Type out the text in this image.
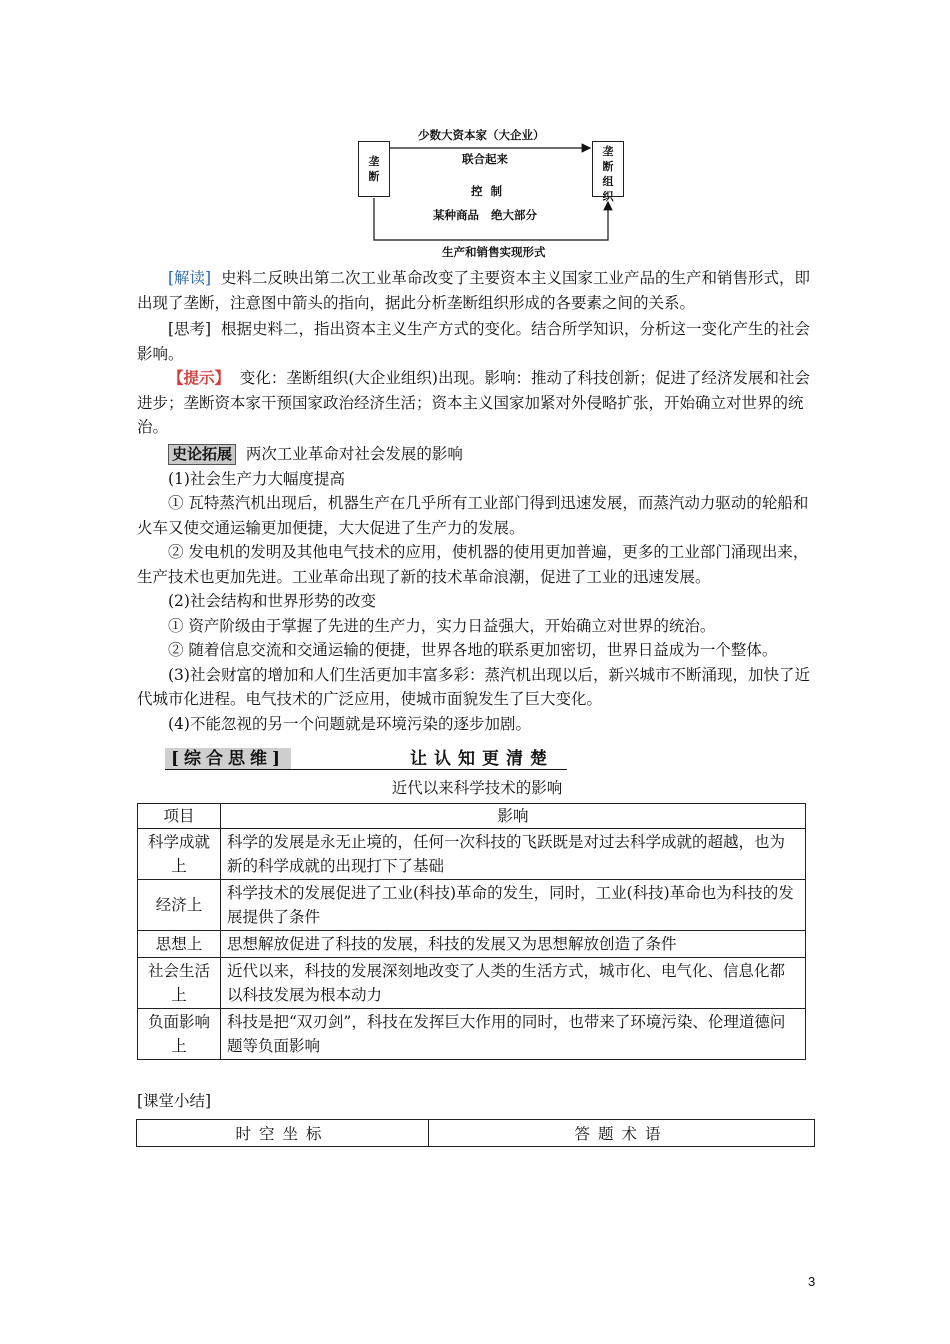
垄断
垄断组织
少数大资本家（大企业）
联合起来
控  制
某种商品 绝大部分
生产和销售实现形式

[解读] 史料二反映出第二次工业革命改变了主要资本主义国家工业产品的生产和销售形式，即出现了垄断，注意图中箭头的指向，据此分析垄断组织形成的各要素之间的关系。

[思考] 根据史料二，指出资本主义生产方式的变化。结合所学知识，分析这一变化产生的社会影响。

【提示】 变化：垄断组织(大企业组织)出现。影响：推动了科技创新；促进了经济发展和社会进步；垄断资本家干预国家政治经济生活；资本主义国家加紧对外侵略扩张，开始确立对世界的统治。

史论拓展 两次工业革命对社会发展的影响

(1)社会生产力大幅度提高

① 瓦特蒸汽机出现后，机器生产在几乎所有工业部门得到迅速发展，而蒸汽动力驱动的轮船和火车又使交通运输更加便捷，大大促进了生产力的发展。

② 发电机的发明及其他电气技术的应用，使机器的使用更加普遍，更多的工业部门涌现出来，生产技术也更加先进。工业革命出现了新的技术革命浪潮，促进了工业的迅速发展。

(2)社会结构和世界形势的改变

① 资产阶级由于掌握了先进的生产力，实力日益强大，开始确立对世界的统治。

② 随着信息交流和交通运输的便捷，世界各地的联系更加密切，世界日益成为一个整体。

(3)社会财富的增加和人们生活更加丰富多彩：蒸汽机出现以后，新兴城市不断涌现，加快了近代城市化进程。电气技术的广泛应用，使城市面貌发生了巨大变化。

(4)不能忽视的另一个问题就是环境污染的逐步加剧。

[综合思维]	让认知更清楚
近代以来科学技术的影响
项目	影响
科学成就上	科学的发展是永无止境的，任何一次科技的飞跃既是对过去科学成就的超越，也为新的科学成就的出现打下了基础
经济上	科学技术的发展促进了工业(科技)革命的发生，同时，工业(科技)革命也为科技的发展提供了条件
思想上	思想解放促进了科技的发展，科技的发展又为思想解放创造了条件
社会生活上	近代以来，科技的发展深刻地改变了人类的生活方式，城市化、电气化、信息化都以科技发展为根本动力
负面影响上	科技是把“双刃剑”，科技在发挥巨大作用的同时，也带来了环境污染、伦理道德问题等负面影响
[课堂小结]
时空坐标	答题术语
3
